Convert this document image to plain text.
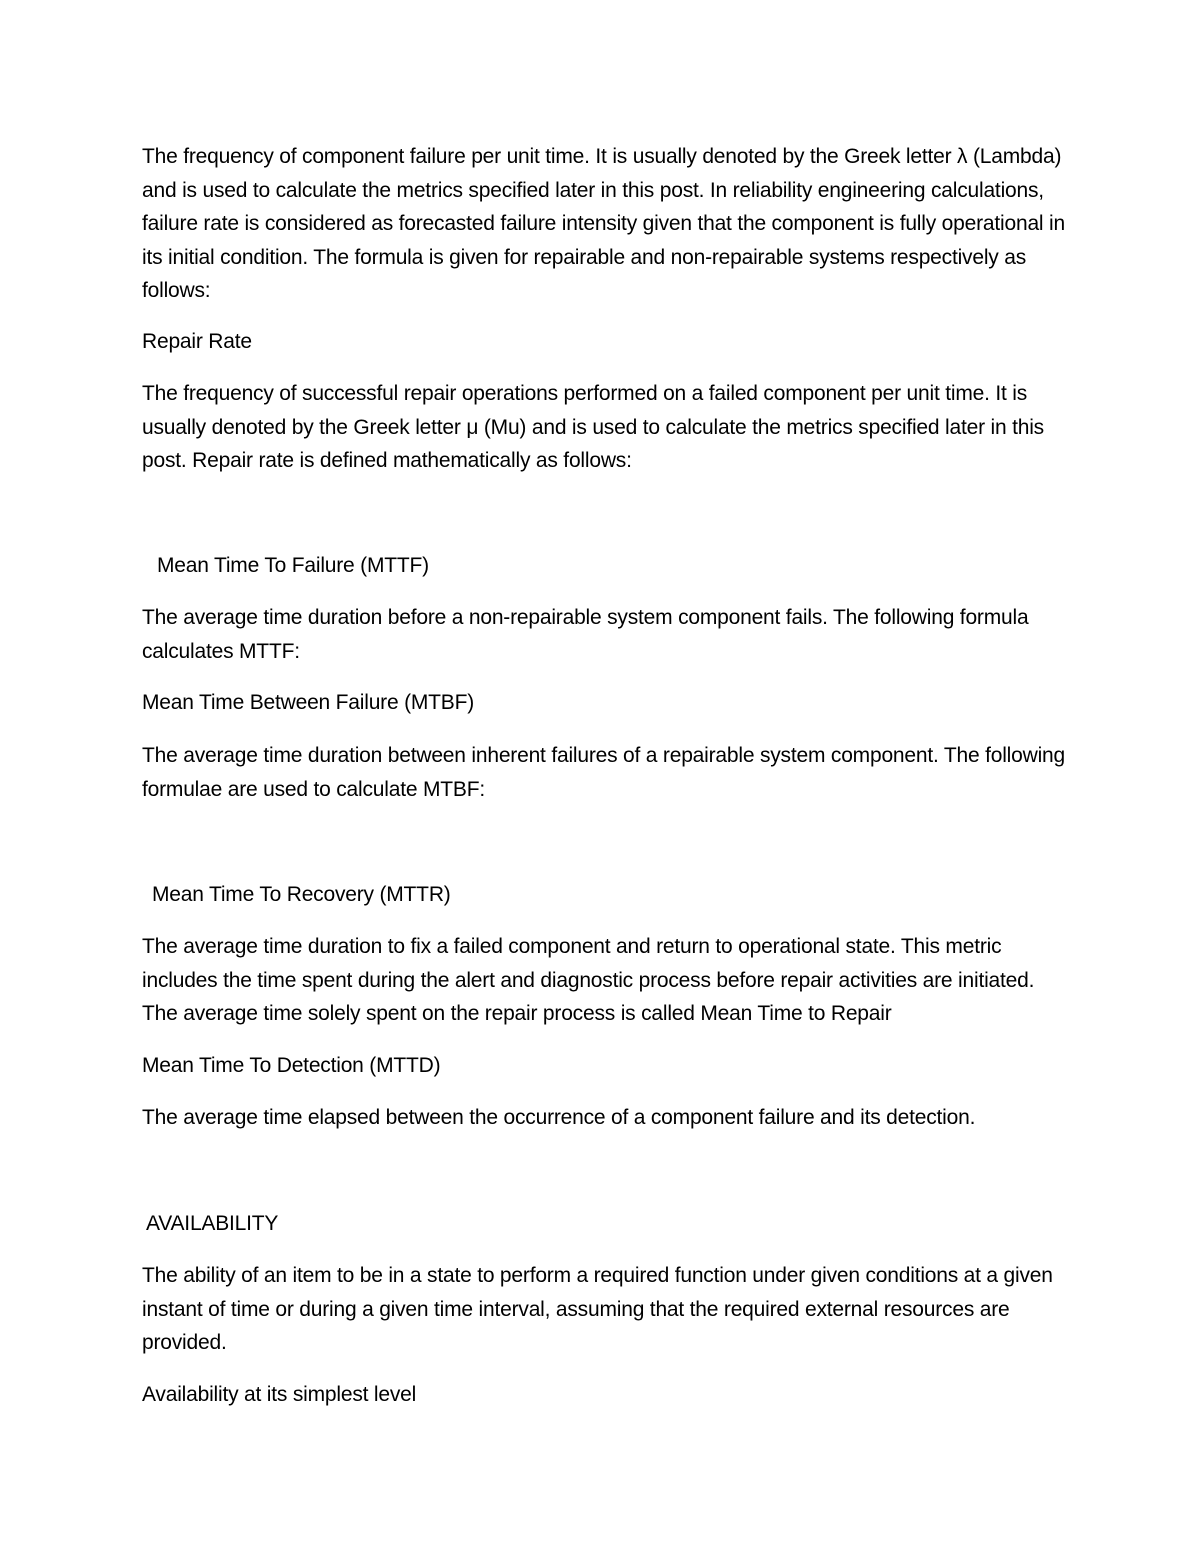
The frequency of component failure per unit time. It is usually denoted by the Greek letter λ (Lambda) and is used to calculate the metrics specified later in this post. In reliability engineering calculations, failure rate is considered as forecasted failure intensity given that the component is fully operational in its initial condition. The formula is given for repairable and non-repairable systems respectively as follows:

Repair Rate

The frequency of successful repair operations performed on a failed component per unit time. It is usually denoted by the Greek letter μ (Mu) and is used to calculate the metrics specified later in this post. Repair rate is defined mathematically as follows:

Mean Time To Failure (MTTF)

The average time duration before a non-repairable system component fails. The following formula calculates MTTF:

Mean Time Between Failure (MTBF)

The average time duration between inherent failures of a repairable system component. The following formulae are used to calculate MTBF:

Mean Time To Recovery (MTTR)

The average time duration to fix a failed component and return to operational state. This metric includes the time spent during the alert and diagnostic process before repair activities are initiated. The average time solely spent on the repair process is called Mean Time to Repair

Mean Time To Detection (MTTD)

The average time elapsed between the occurrence of a component failure and its detection.

AVAILABILITY

The ability of an item to be in a state to perform a required function under given conditions at a given instant of time or during a given time interval, assuming that the required external resources are provided.

Availability at its simplest level
